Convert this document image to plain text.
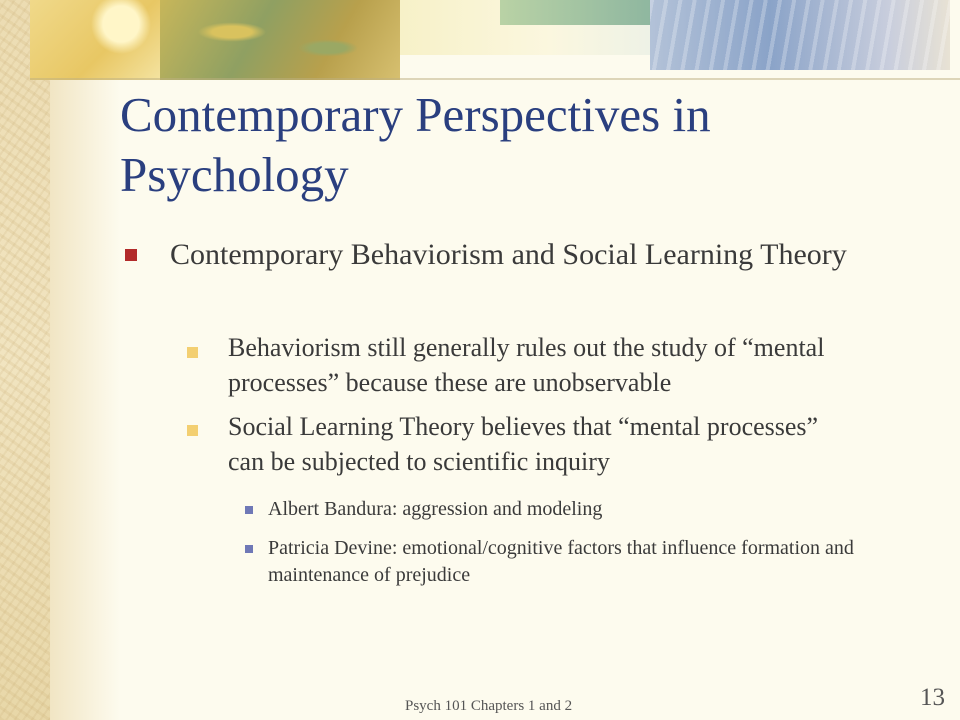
Contemporary Perspectives in Psychology
Contemporary Behaviorism and Social Learning Theory
Behaviorism still generally rules out the study of “mental processes” because these are unobservable
Social Learning Theory believes that “mental processes” can be subjected to scientific inquiry
Albert Bandura: aggression and modeling
Patricia Devine: emotional/cognitive factors that influence formation and maintenance of prejudice
Psych 101 Chapters 1 and 2	13
